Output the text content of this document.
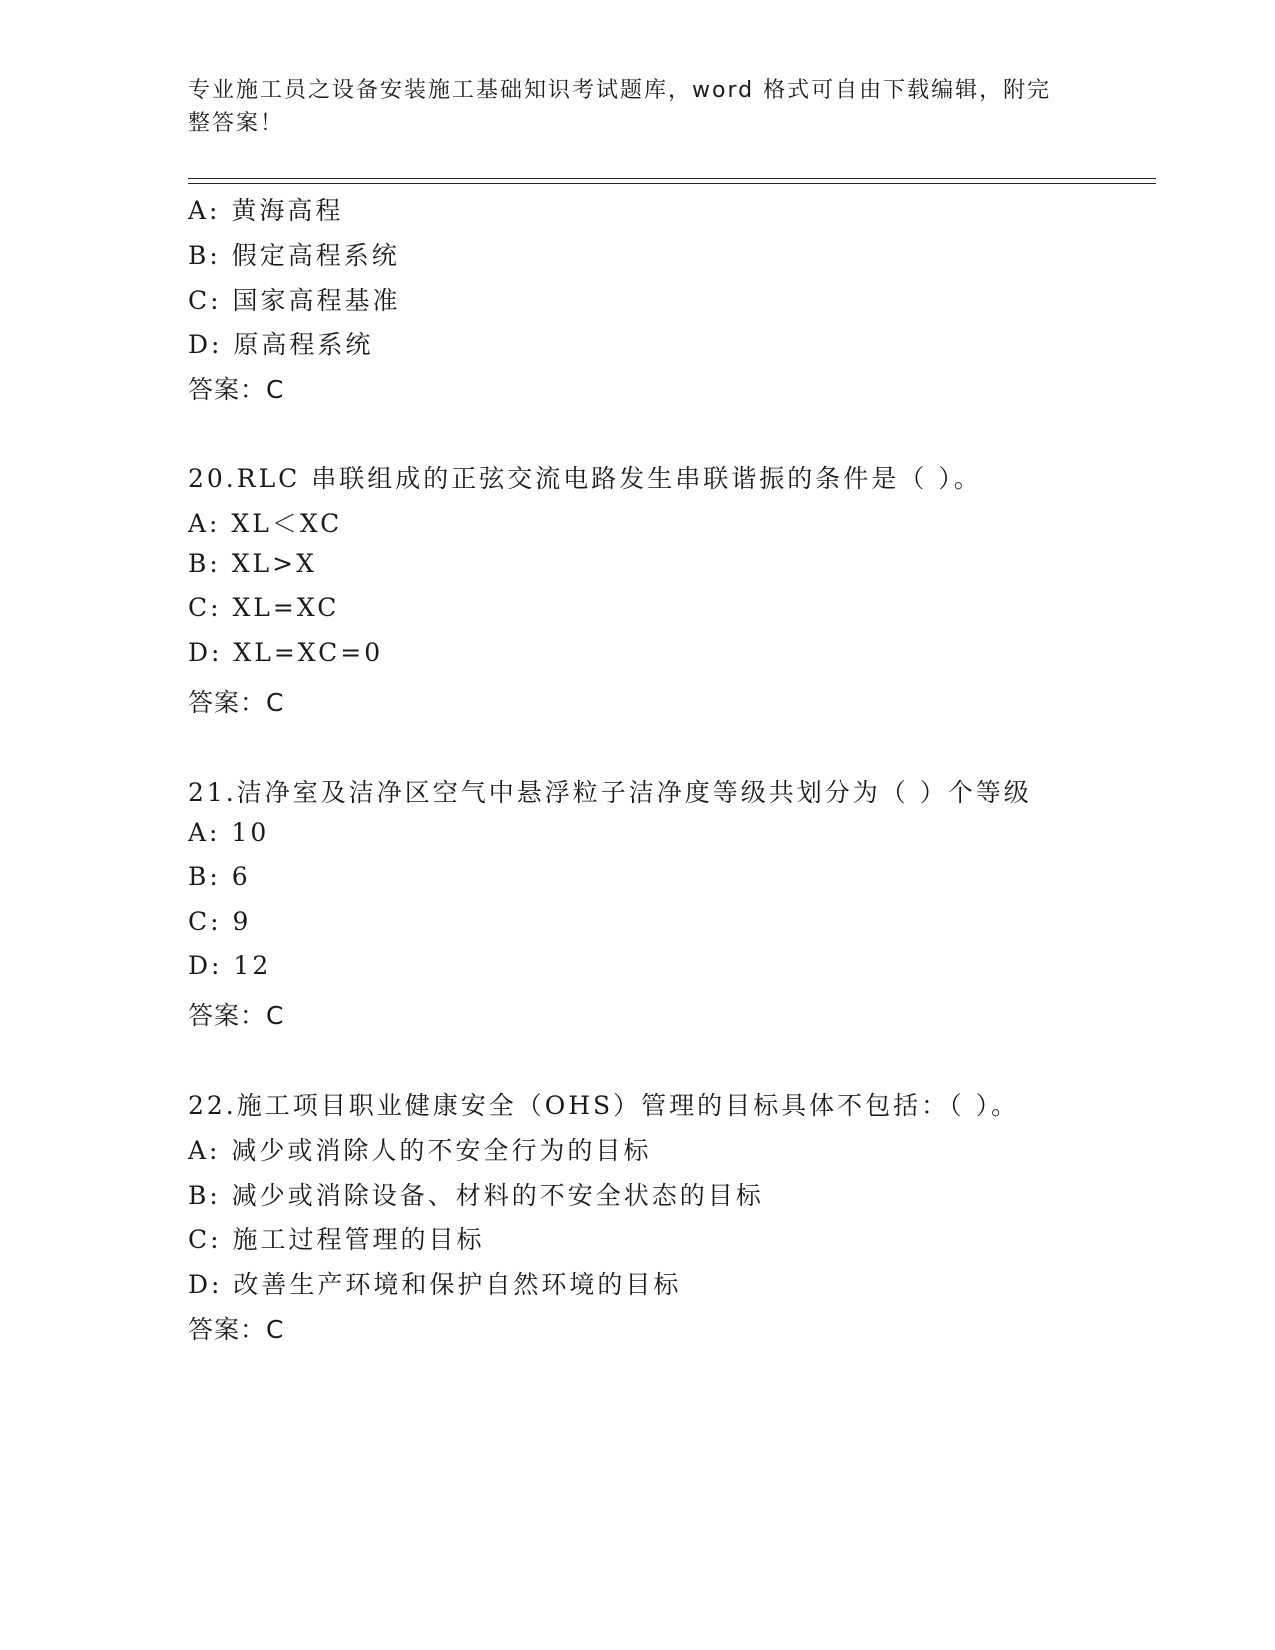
专业施工员之设备安装施工基础知识考试题库，word 格式可自由下载编辑，附完
整答案！
A: 黄海高程
B: 假定高程系统
C: 国家高程基准
D: 原高程系统
答案：C
20.RLC 串联组成的正弦交流电路发生串联谐振的条件是（ ）。
A: XL＜XC
B: XL>X
C: XL=XC
D: XL=XC=0
答案：C
21.洁净室及洁净区空气中悬浮粒子洁净度等级共划分为（ ）个等级
A: 10
B: 6
C: 9
D: 12
答案：C
22.施工项目职业健康安全（OHS）管理的目标具体不包括：（ ）。
A: 减少或消除人的不安全行为的目标
B: 减少或消除设备、材料的不安全状态的目标
C: 施工过程管理的目标
D: 改善生产环境和保护自然环境的目标
答案：C
